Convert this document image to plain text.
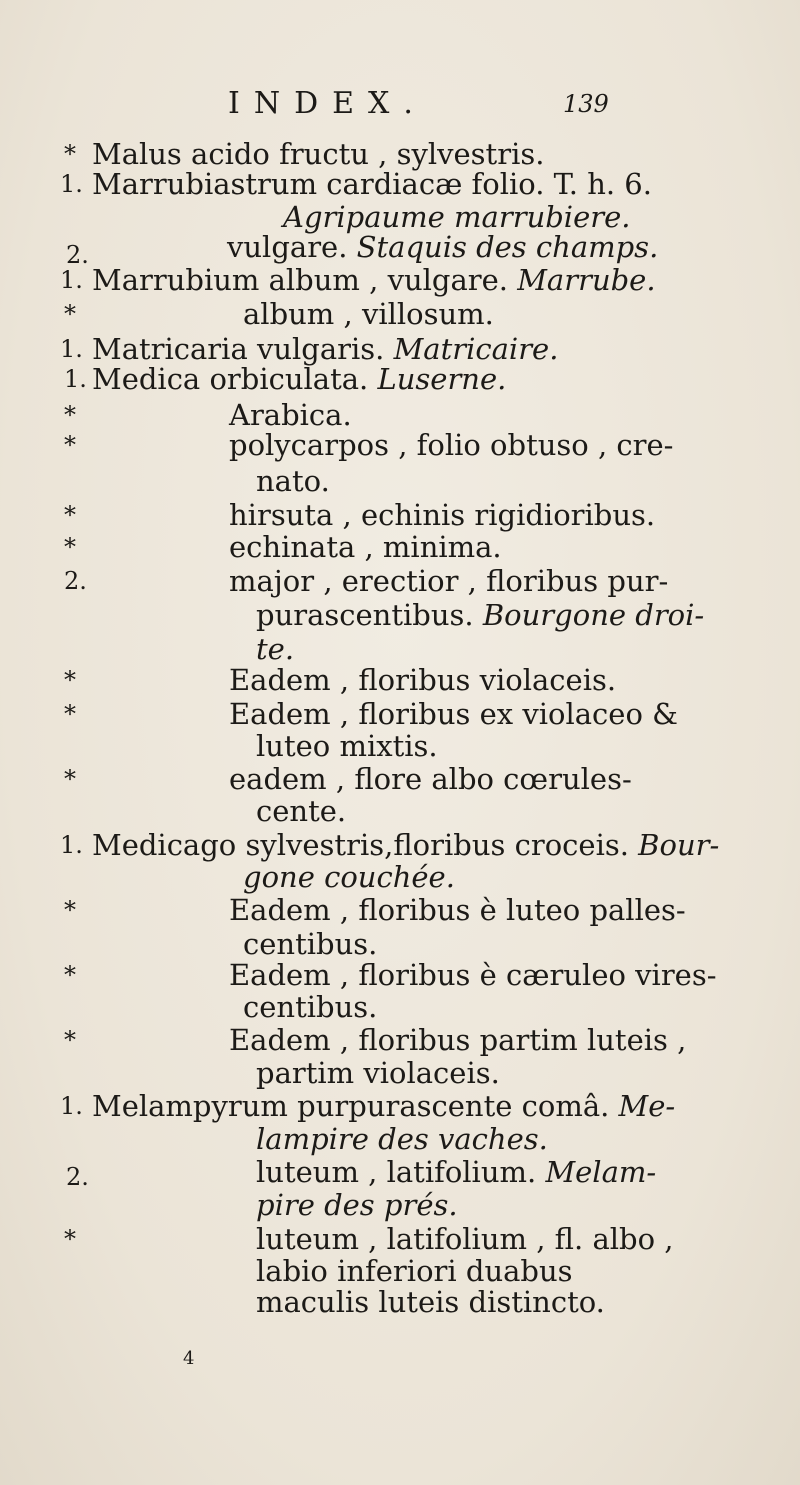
INDEX.	139
* Malus acido fructu , sylvestris.
1. Marrubiastrum cardiacæ folio. T. h. 6.
Agripaume marrubiere.
2.	vulgare. Staquis des champs.
1. Marrubium album , vulgare. Marrube.
*	album , villosum.
1. Matricaria vulgaris. Matricaire.
1. Medica orbiculata. Luserne.
*	Arabica.
*	polycarpos , folio obtuso , cre-
nato.
*	hirsuta , echinis rigidioribus.
*	echinata , minima.
2.	major , erectior , floribus pur-
purascentibus. Bourgone droi-
te.
*	Eadem , floribus violaceis.
*	Eadem , floribus ex violaceo &
luteo mixtis.
*	eadem , flore albo cœrules-
cente.
1. Medicago sylvestris,floribus croceis. Bour-
gone couchée.
*	Eadem , floribus è luteo palles-
centibus.
*	Eadem , floribus è cæruleo vires-
centibus.
*	Eadem , floribus partim luteis ,
partim violaceis.
1. Melampyrum purpurascente comâ. Me-
lampire des vaches.
2.	luteum , latifolium. Melam-
pire des prés.
*	luteum , latifolium , fl. albo ,
labio inferiori duabus
maculis luteis distincto.
4
